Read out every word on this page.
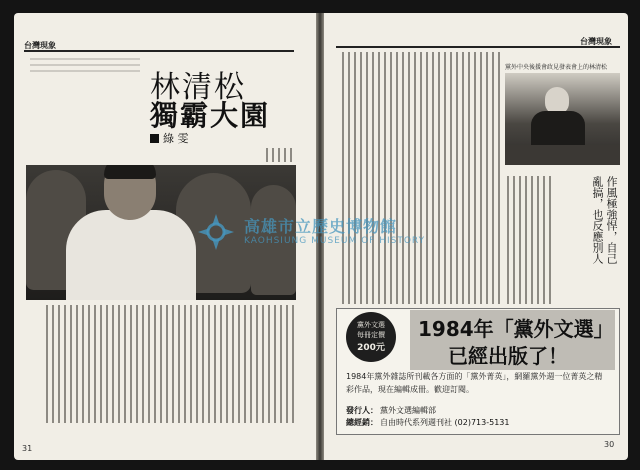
台灣現象
林清松
獨霸大園
綠 雯
31
台灣現象
黨外中央後援會政見發表會上的林清松
作風極強悍，自己亂搞，也反應別人
黨外文選
每冊定價
200元
1984年「黨外文選」
已經出版了！
1984年黨外雜誌所刊載各方面的「黨外菁英」，網羅黨外週一位菁英之精彩作品，現在編輯成冊。歡迎訂閱。
發行人： 黨外文選編輯部
總經銷： 自由時代系列週刊社 (02)713-5131
30
高雄市立歷史博物館
KAOHSIUNG MUSEUM OF HISTORY
